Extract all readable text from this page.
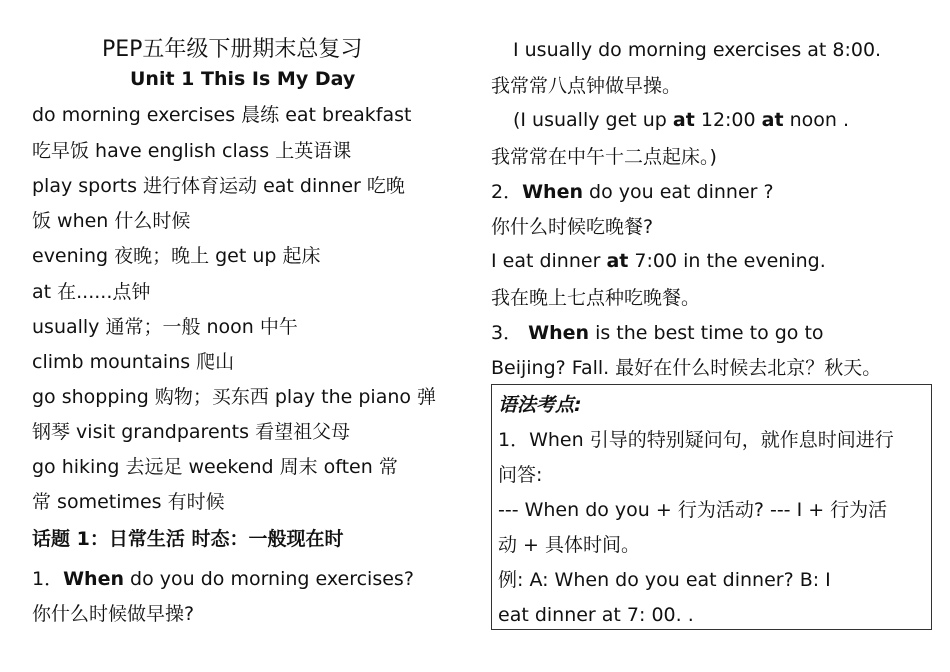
PEP五年级下册期末总复习
Unit 1 This Is My Day
do morning exercises 晨练 eat breakfast
吃早饭 have english class 上英语课
play sports 进行体育运动 eat dinner 吃晚
饭 when 什么时候
evening 夜晚；晚上 get up 起床
at 在......点钟
usually 通常；一般 noon 中午
climb mountains 爬山
go shopping 购物；买东西 play the piano 弹
钢琴 visit grandparents 看望祖父母
go hiking 去远足 weekend 周末 often 常
常 sometimes 有时候
话题 1：日常生活 时态：一般现在时
1．When do you do morning exercises?
你什么时候做早操?
I usually do morning exercises at 8:00.
我常常八点钟做早操。
(I usually get up at 12:00 at noon .
我常常在中午十二点起床。)
2．When do you eat dinner ?
你什么时候吃晚餐?
I eat dinner at 7:00 in the evening.
我在晚上七点种吃晚餐。
3． When is the best time to go to
Beijing? Fall. 最好在什么时候去北京？秋天。
语法考点:
1．When 引导的特别疑问句，就作息时间进行
问答:
--- When do you + 行为活动? --- I + 行为活
动 + 具体时间。
例: A: When do you eat dinner? B: I
eat dinner at 7: 00. .
